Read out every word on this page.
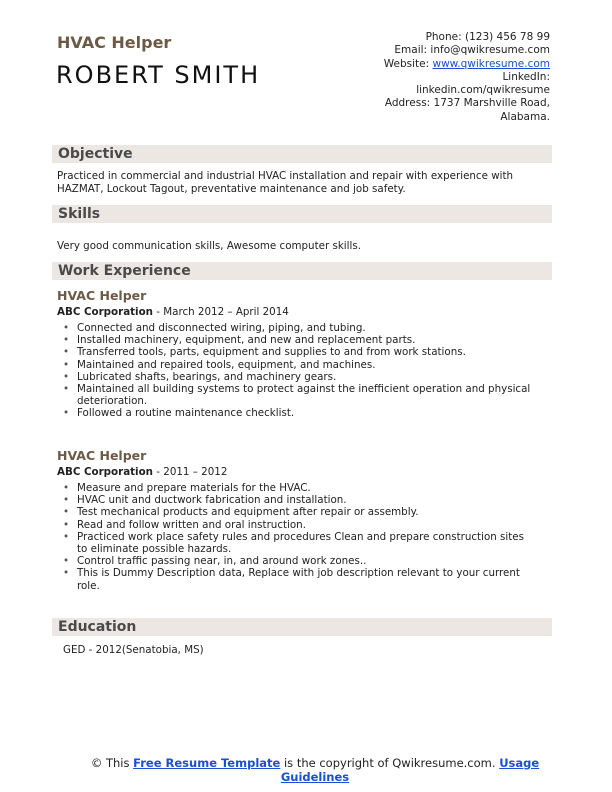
HVAC Helper
ROBERT SMITH
Phone: (123) 456 78 99
Email: info@qwikresume.com
Website: www.qwikresume.com
LinkedIn:
linkedin.com/qwikresume
Address: 1737 Marshville Road,
Alabama.
Objective
Practiced in commercial and industrial HVAC installation and repair with experience with HAZMAT, Lockout Tagout, preventative maintenance and job safety.
Skills
Very good communication skills, Awesome computer skills.
Work Experience
HVAC Helper
ABC Corporation - March 2012 – April 2014
• Connected and disconnected wiring, piping, and tubing.
• Installed machinery, equipment, and new and replacement parts.
• Transferred tools, parts, equipment and supplies to and from work stations.
• Maintained and repaired tools, equipment, and machines.
• Lubricated shafts, bearings, and machinery gears.
• Maintained all building systems to protect against the inefficient operation and physical deterioration.
• Followed a routine maintenance checklist.
HVAC Helper
ABC Corporation - 2011 – 2012
• Measure and prepare materials for the HVAC.
• HVAC unit and ductwork fabrication and installation.
• Test mechanical products and equipment after repair or assembly.
• Read and follow written and oral instruction.
• Practiced work place safety rules and procedures Clean and prepare construction sites to eliminate possible hazards.
• Control traffic passing near, in, and around work zones..
• This is Dummy Description data, Replace with job description relevant to your current role.
Education
GED - 2012(Senatobia, MS)
© This Free Resume Template is the copyright of Qwikresume.com. Usage Guidelines
